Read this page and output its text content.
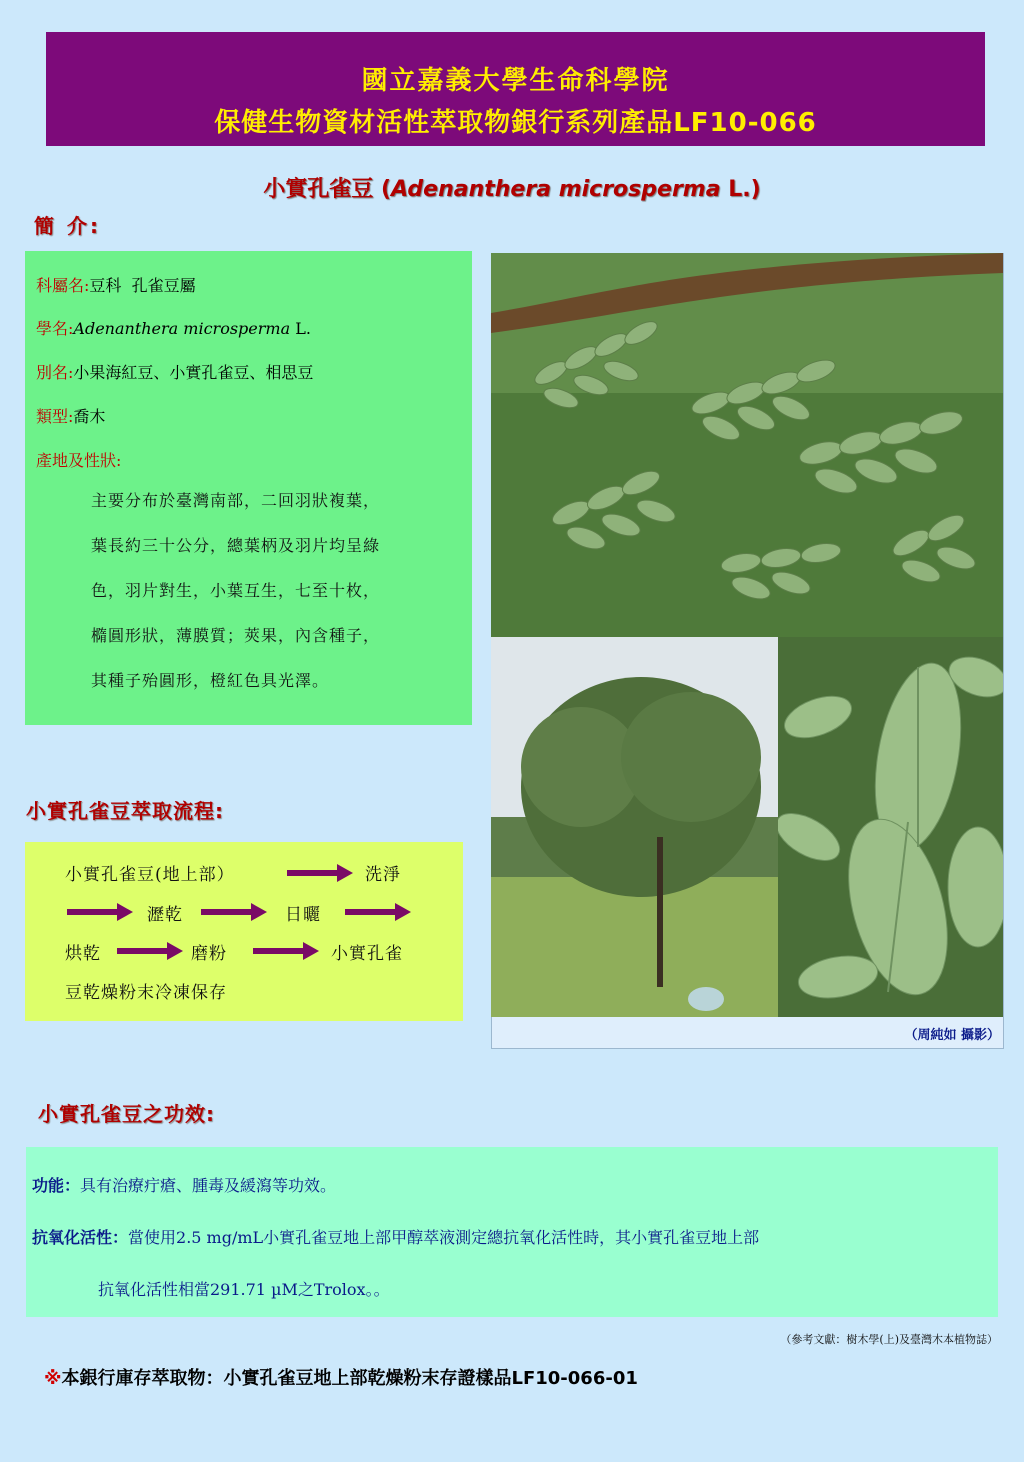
國立嘉義大學生命科學院
保健生物資材活性萃取物銀行系列產品LF10-066
小實孔雀豆 (Adenanthera microsperma L.)
簡 介:
科屬名:豆科  孔雀豆屬
學名:Adenanthera microsperma L.
別名:小果海紅豆、小實孔雀豆、相思豆
類型:喬木
產地及性狀:
主要分布於臺灣南部，二回羽狀複葉，
葉長約三十公分，總葉柄及羽片均呈綠
色，羽片對生，小葉互生，七至十枚，
橢圓形狀，薄膜質；莢果，內含種子，
其種子殆圓形，橙紅色具光澤。
（周純如 攝影）
小實孔雀豆萃取流程:
小實孔雀豆(地上部）	洗淨
瀝乾	日曬
烘乾	磨粉	小實孔雀
豆乾燥粉末冷凍保存
小實孔雀豆之功效:
功能：具有治療疔瘡、腫毒及緩瀉等功效。
抗氧化活性：當使用2.5 mg/mL小實孔雀豆地上部甲醇萃液測定總抗氧化活性時，其小實孔雀豆地上部
抗氧化活性相當291.71 µM之Trolox。。
（參考文獻：樹木學(上)及臺灣木本植物誌）
※本銀行庫存萃取物：小實孔雀豆地上部乾燥粉末存證樣品LF10-066-01
